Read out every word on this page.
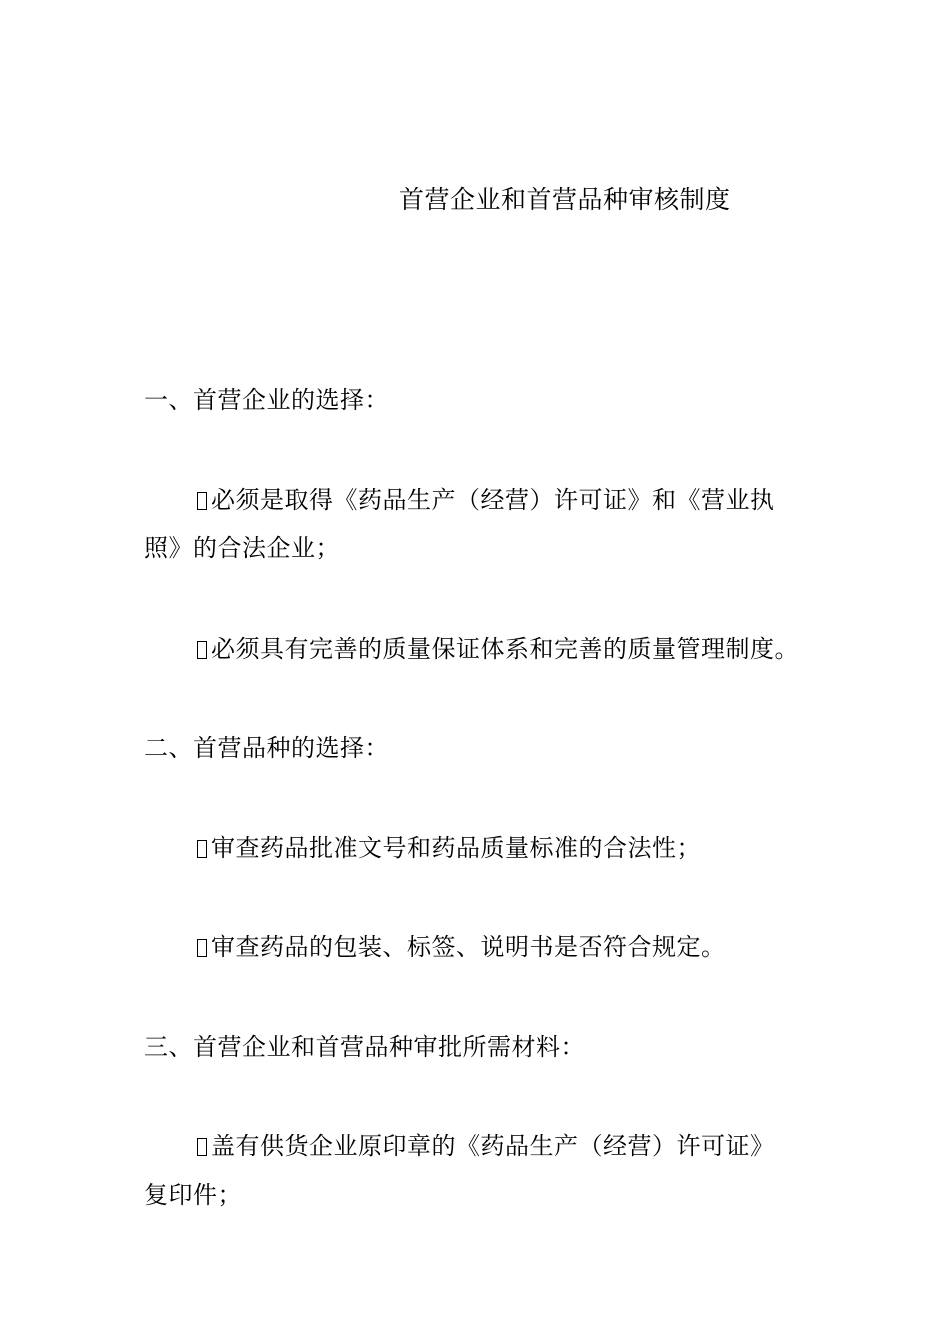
首营企业和首营品种审核制度
一、首营企业的选择：
必须是取得《药品生产（经营）许可证》和《营业执
照》的合法企业；
必须具有完善的质量保证体系和完善的质量管理制度。
二、首营品种的选择：
审查药品批准文号和药品质量标准的合法性；
审查药品的包装、标签、说明书是否符合规定。
三、首营企业和首营品种审批所需材料：
盖有供货企业原印章的《药品生产（经营）许可证》
复印件；
